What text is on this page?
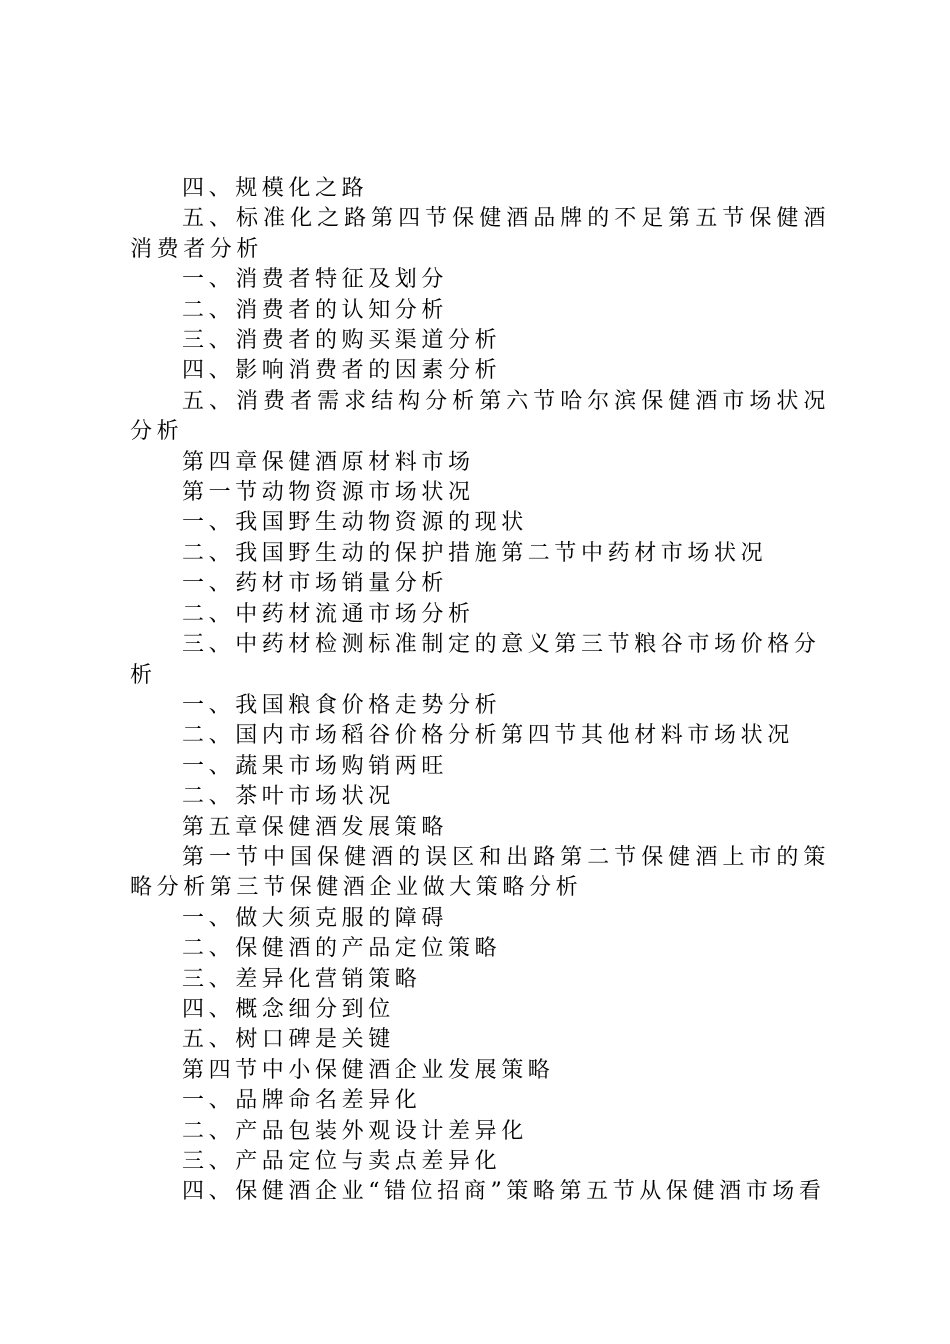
四、规模化之路

五、标准化之路第四节保健酒品牌的不足第五节保健酒消费者分析

一、消费者特征及划分

二、消费者的认知分析

三、消费者的购买渠道分析

四、影响消费者的因素分析

五、消费者需求结构分析第六节哈尔滨保健酒市场状况分析

第四章保健酒原材料市场

第一节动物资源市场状况

一、我国野生动物资源的现状

二、我国野生动的保护措施第二节中药材市场状况

一、药材市场销量分析

二、中药材流通市场分析

三、中药材检测标准制定的意义第三节粮谷市场价格分析

一、我国粮食价格走势分析

二、国内市场稻谷价格分析第四节其他材料市场状况

一、蔬果市场购销两旺

二、茶叶市场状况

第五章保健酒发展策略

第一节中国保健酒的误区和出路第二节保健酒上市的策略分析第三节保健酒企业做大策略分析

一、做大须克服的障碍

二、保健酒的产品定位策略

三、差异化营销策略

四、概念细分到位

五、树口碑是关键

第四节中小保健酒企业发展策略

一、品牌命名差异化

二、产品包装外观设计差异化

三、产品定位与卖点差异化

四、保健酒企业“错位招商”策略第五节从保健酒市场看
